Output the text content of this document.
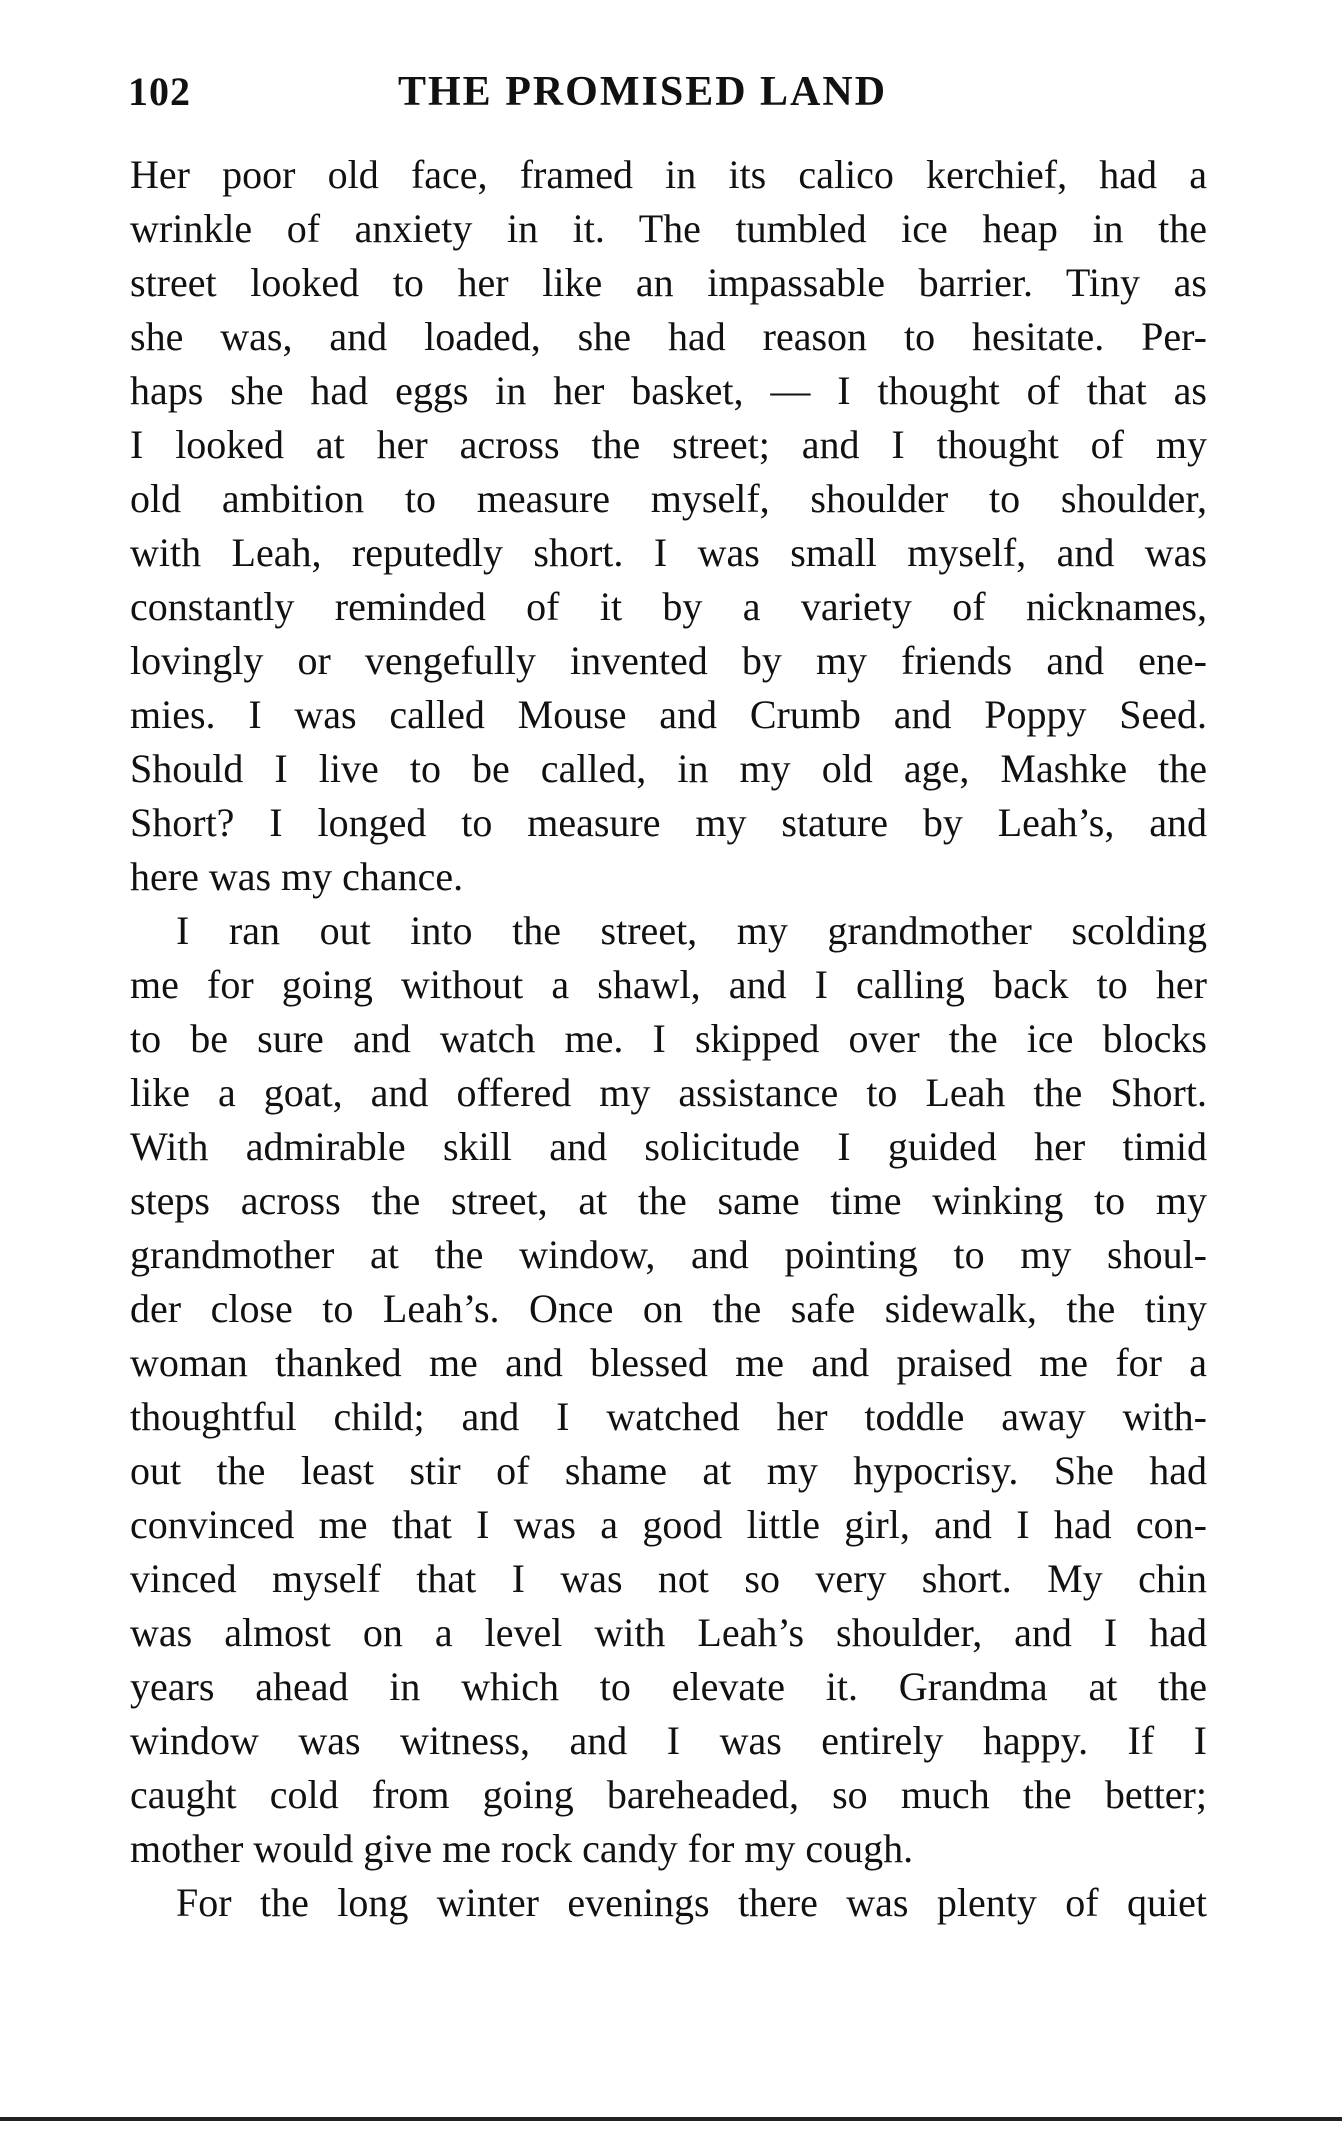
102	THE PROMISED LAND
Her poor old face, framed in its calico kerchief, had a
wrinkle of anxiety in it. The tumbled ice heap in the
street looked to her like an impassable barrier. Tiny as
she was, and loaded, she had reason to hesitate. Per-
haps she had eggs in her basket, — I thought of that as
I looked at her across the street; and I thought of my
old ambition to measure myself, shoulder to shoulder,
with Leah, reputedly short. I was small myself, and was
constantly reminded of it by a variety of nicknames,
lovingly or vengefully invented by my friends and ene-
mies. I was called Mouse and Crumb and Poppy Seed.
Should I live to be called, in my old age, Mashke the
Short? I longed to measure my stature by Leah’s, and
here was my chance.
I ran out into the street, my grandmother scolding
me for going without a shawl, and I calling back to her
to be sure and watch me. I skipped over the ice blocks
like a goat, and offered my assistance to Leah the Short.
With admirable skill and solicitude I guided her timid
steps across the street, at the same time winking to my
grandmother at the window, and pointing to my shoul-
der close to Leah’s. Once on the safe sidewalk, the tiny
woman thanked me and blessed me and praised me for a
thoughtful child; and I watched her toddle away with-
out the least stir of shame at my hypocrisy. She had
convinced me that I was a good little girl, and I had con-
vinced myself that I was not so very short. My chin
was almost on a level with Leah’s shoulder, and I had
years ahead in which to elevate it. Grandma at the
window was witness, and I was entirely happy. If I
caught cold from going bareheaded, so much the better;
mother would give me rock candy for my cough.
For the long winter evenings there was plenty of quiet
